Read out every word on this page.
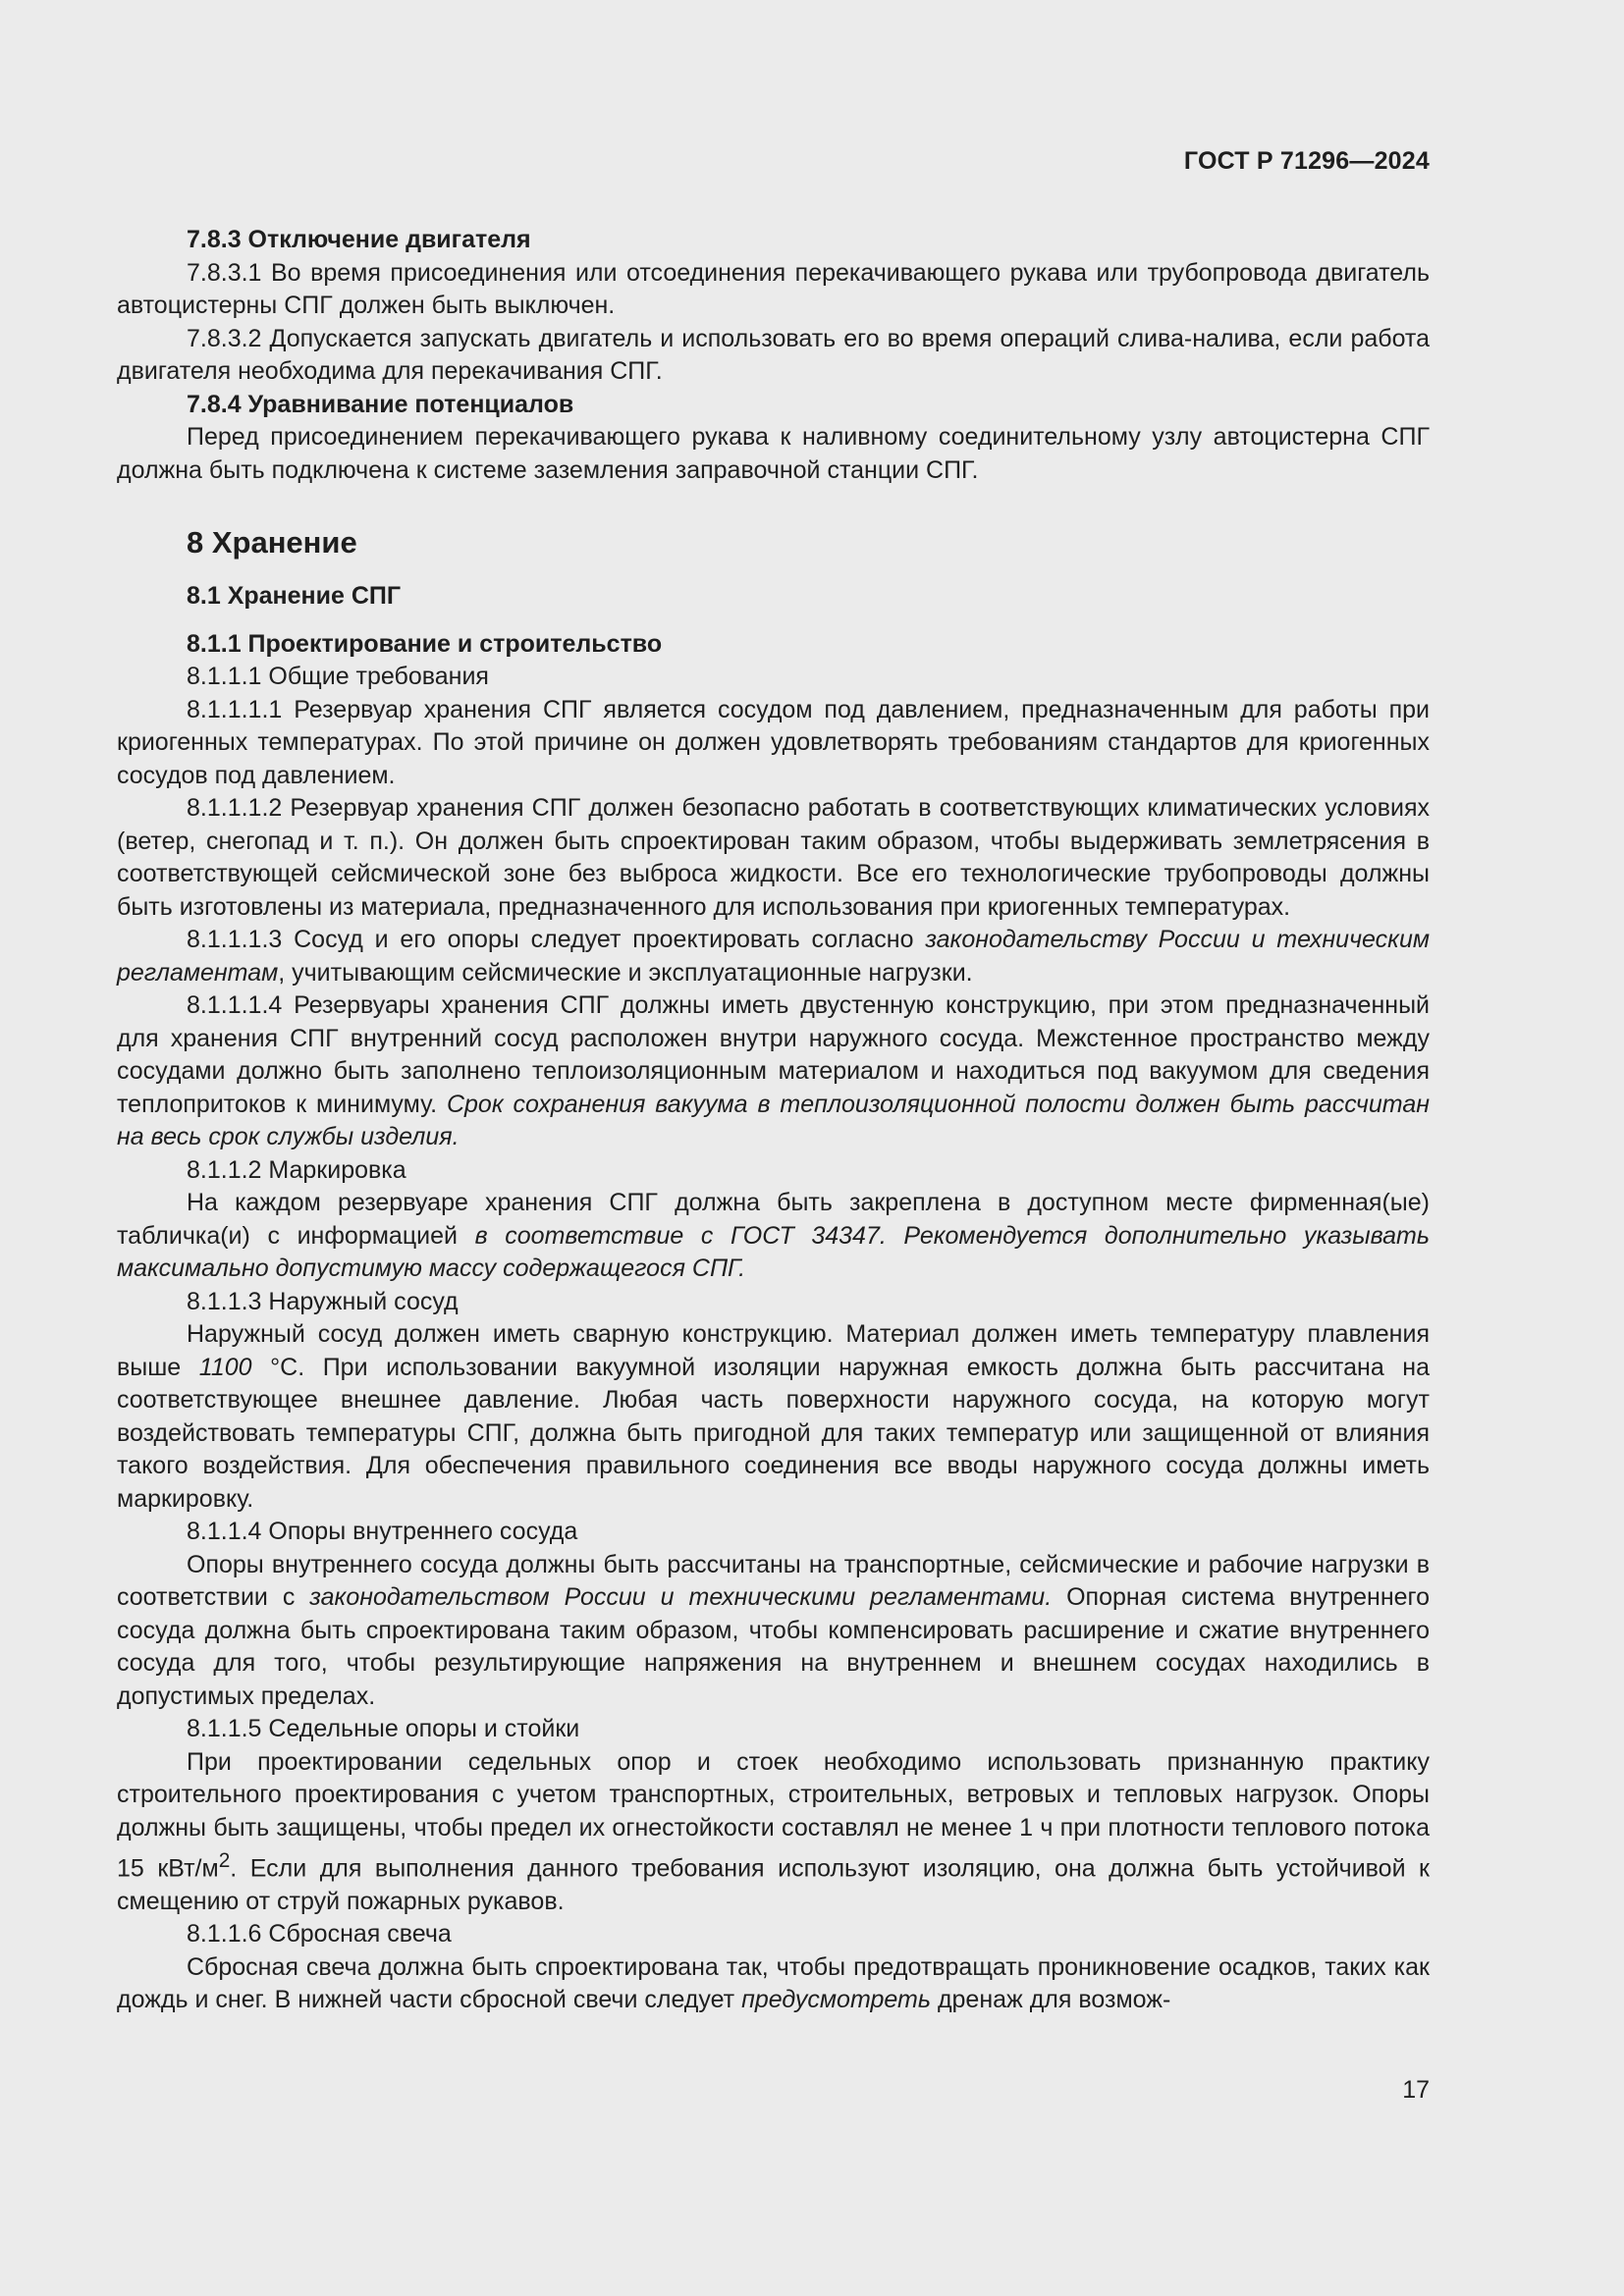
ГОСТ Р 71296—2024

7.8.3 Отключение двигателя

7.8.3.1 Во время присоединения или отсоединения перекачивающего рукава или трубопровода двигатель автоцистерны СПГ должен быть выключен.

7.8.3.2 Допускается запускать двигатель и использовать его во время операций слива-налива, если работа двигателя необходима для перекачивания СПГ.

7.8.4 Уравнивание потенциалов

Перед присоединением перекачивающего рукава к наливному соединительному узлу автоцистерна СПГ должна быть подключена к системе заземления заправочной станции СПГ.

8 Хранение

8.1 Хранение СПГ

8.1.1 Проектирование и строительство

8.1.1.1 Общие требования

8.1.1.1.1 Резервуар хранения СПГ является сосудом под давлением, предназначенным для работы при криогенных температурах. По этой причине он должен удовлетворять требованиям стандартов для криогенных сосудов под давлением.

8.1.1.1.2 Резервуар хранения СПГ должен безопасно работать в соответствующих климатических условиях (ветер, снегопад и т. п.). Он должен быть спроектирован таким образом, чтобы выдерживать землетрясения в соответствующей сейсмической зоне без выброса жидкости. Все его технологические трубопроводы должны быть изготовлены из материала, предназначенного для использования при криогенных температурах.

8.1.1.1.3 Сосуд и его опоры следует проектировать согласно законодательству России и техническим регламентам, учитывающим сейсмические и эксплуатационные нагрузки.

8.1.1.1.4 Резервуары хранения СПГ должны иметь двустенную конструкцию, при этом предназначенный для хранения СПГ внутренний сосуд расположен внутри наружного сосуда. Межстенное пространство между сосудами должно быть заполнено теплоизоляционным материалом и находиться под вакуумом для сведения теплопритоков к минимуму. Срок сохранения вакуума в теплоизоляционной полости должен быть рассчитан на весь срок службы изделия.

8.1.1.2 Маркировка

На каждом резервуаре хранения СПГ должна быть закреплена в доступном месте фирменная(ые) табличка(и) с информацией в соответствие с ГОСТ 34347. Рекомендуется дополнительно указывать максимально допустимую массу содержащегося СПГ.

8.1.1.3 Наружный сосуд

Наружный сосуд должен иметь сварную конструкцию. Материал должен иметь температуру плавления выше 1100 °C. При использовании вакуумной изоляции наружная емкость должна быть рассчитана на соответствующее внешнее давление. Любая часть поверхности наружного сосуда, на которую могут воздействовать температуры СПГ, должна быть пригодной для таких температур или защищенной от влияния такого воздействия. Для обеспечения правильного соединения все вводы наружного сосуда должны иметь маркировку.

8.1.1.4 Опоры внутреннего сосуда

Опоры внутреннего сосуда должны быть рассчитаны на транспортные, сейсмические и рабочие нагрузки в соответствии с законодательством России и техническими регламентами. Опорная система внутреннего сосуда должна быть спроектирована таким образом, чтобы компенсировать расширение и сжатие внутреннего сосуда для того, чтобы результирующие напряжения на внутреннем и внешнем сосудах находились в допустимых пределах.

8.1.1.5 Седельные опоры и стойки

При проектировании седельных опор и стоек необходимо использовать признанную практику строительного проектирования с учетом транспортных, строительных, ветровых и тепловых нагрузок. Опоры должны быть защищены, чтобы предел их огнестойкости составлял не менее 1 ч при плотности теплового потока 15 кВт/$м^2$. Если для выполнения данного требования используют изоляцию, она должна быть устойчивой к смещению от струй пожарных рукавов.

8.1.1.6 Сбросная свеча

Сбросная свеча должна быть спроектирована так, чтобы предотвращать проникновение осадков, таких как дождь и снег. В нижней части сбросной свечи следует предусмотреть дренаж для возмож-

17
